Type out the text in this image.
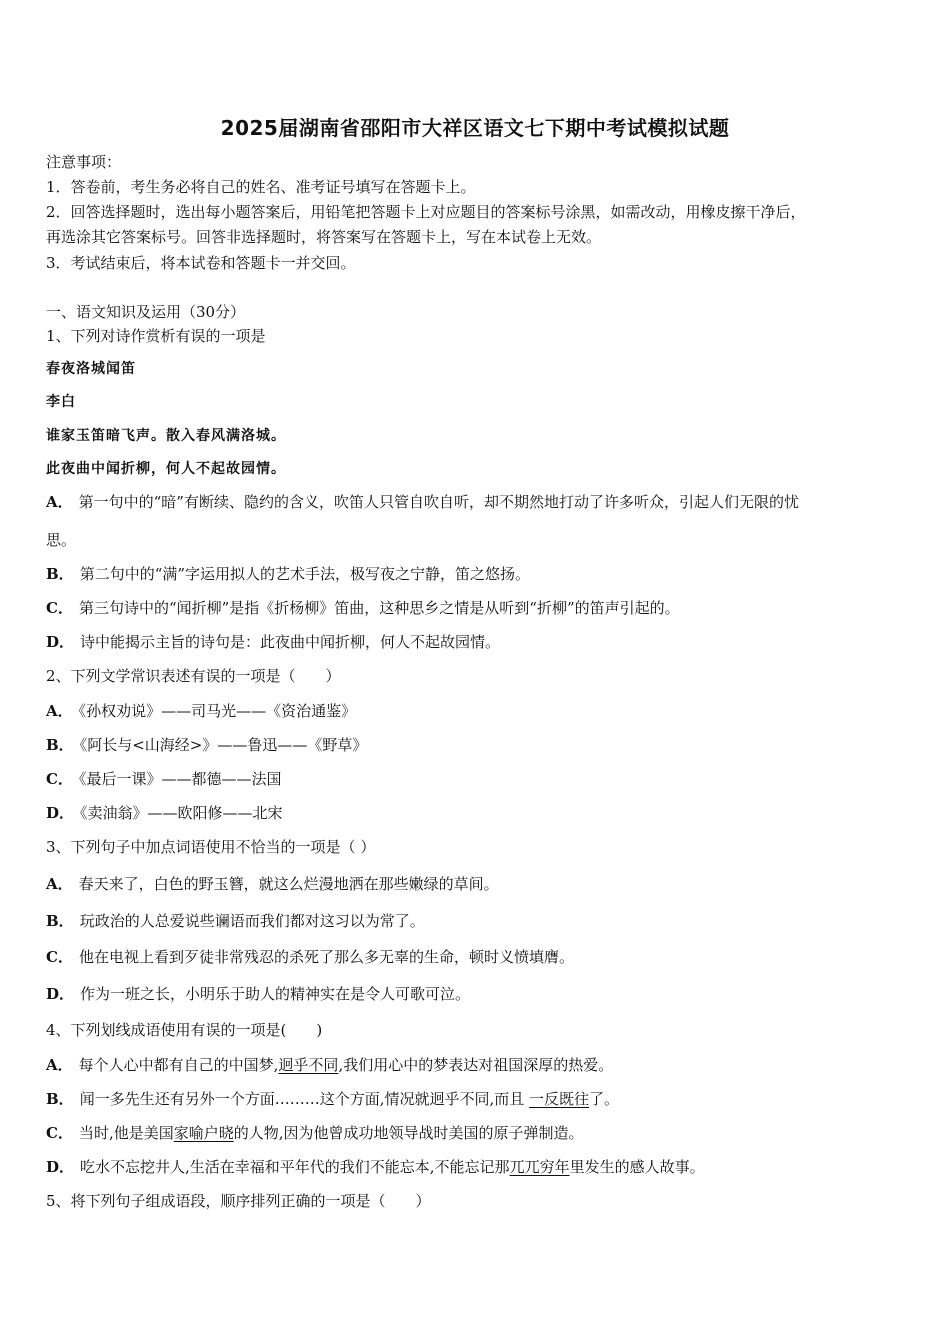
2025届湖南省邵阳市大祥区语文七下期中考试模拟试题
注意事项：
1．答卷前，考生务必将自己的姓名、准考证号填写在答题卡上。
2．回答选择题时，选出每小题答案后，用铅笔把答题卡上对应题目的答案标号涂黑，如需改动，用橡皮擦干净后，
再选涂其它答案标号。回答非选择题时，将答案写在答题卡上，写在本试卷上无效。
3．考试结束后，将本试卷和答题卡一并交回。
一、语文知识及运用（30分）
1、下列对诗作赏析有误的一项是
春夜洛城闻笛
李白
谁家玉笛暗飞声。散入春风满洛城。
此夜曲中闻折柳，何人不起故园情。
A． 第一句中的“暗”有断续、隐约的含义，吹笛人只管自吹自听，却不期然地打动了许多听众，引起人们无限的忧
思。
B． 第二句中的“满”字运用拟人的艺术手法，极写夜之宁静，笛之悠扬。
C． 第三句诗中的“闻折柳”是指《折杨柳》笛曲，这种思乡之情是从听到“折柳”的笛声引起的。
D． 诗中能揭示主旨的诗句是：此夜曲中闻折柳，何人不起故园情。
2、下列文学常识表述有误的一项是（　　）
A． 《孙权劝说》——司马光——《资治通鉴》
B． 《阿长与<山海经>》——鲁迅——《野草》
C． 《最后一课》——都德——法国
D． 《卖油翁》——欧阳修——北宋
3、下列句子中加点词语使用不恰当的一项是（ ）
A． 春天来了，白色的野玉簪，就这么烂漫地洒在那些嫩绿的草间。
B． 玩政治的人总爱说些谰语而我们都对这习以为常了。
C． 他在电视上看到歹徒非常残忍的杀死了那么多无辜的生命，顿时义愤填膺。
D． 作为一班之长，小明乐于助人的精神实在是令人可歌可泣。
4、下列划线成语使用有误的一项是(　　)
A． 每个人心中都有自己的中国梦,迥乎不同,我们用心中的梦表达对祖国深厚的热爱。
B． 闻一多先生还有另外一个方面………这个方面,情况就迥乎不同,而且 一反既往了。
C． 当时,他是美国家喻户晓的人物,因为他曾成功地领导战时美国的原子弹制造。
D． 吃水不忘挖井人,生活在幸福和平年代的我们不能忘本,不能忘记那兀兀穷年里发生的感人故事。
5、将下列句子组成语段，顺序排列正确的一项是（　　）
